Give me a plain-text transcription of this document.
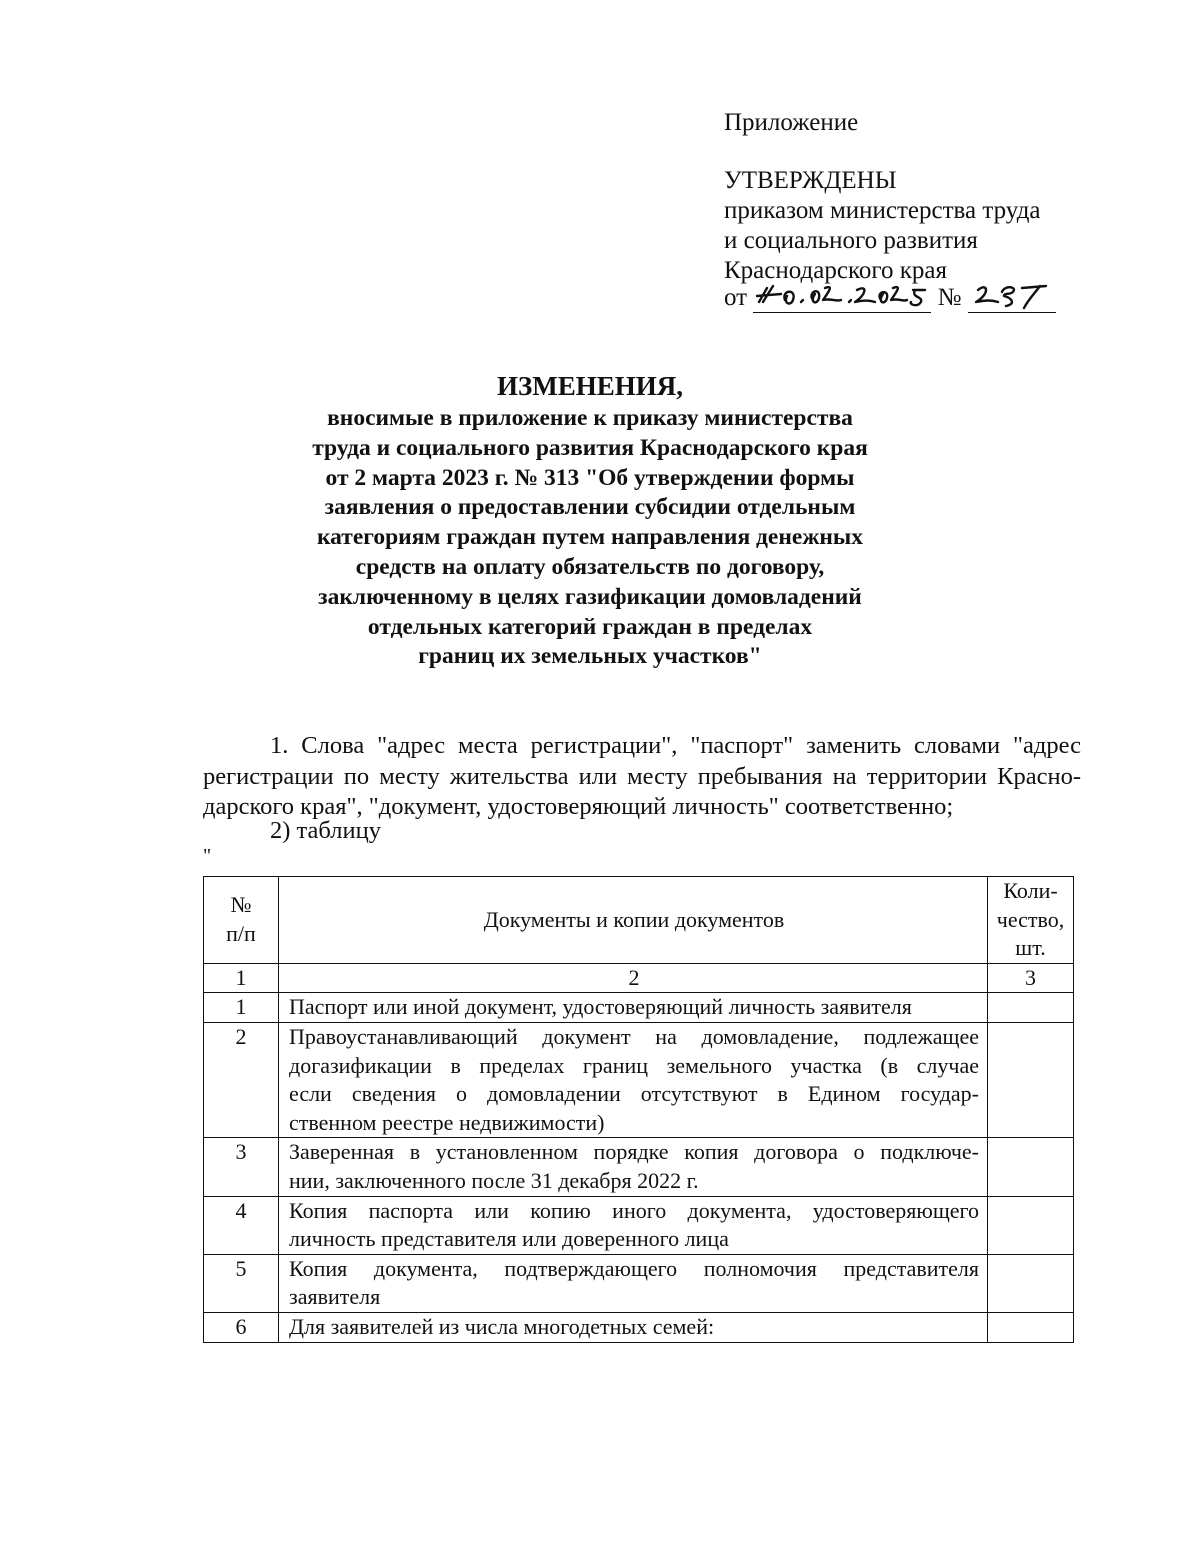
Приложение
УТВЕРЖДЕНЫ
приказом министерства труда
и социального развития
Краснодарского края
от	№
ИЗМЕНЕНИЯ,
вносимые в приложение к приказу министерства
труда и социального развития Краснодарского края
от 2 марта 2023 г. № 313 "Об утверждении формы
заявления о предоставлении субсидии отдельным
категориям граждан путем направления денежных
средств на оплату обязательств по договору,
заключенному в целях газификации домовладений
отдельных категорий граждан в пределах
границ их земельных участков"
1. Слова "адрес места регистрации", "паспорт" заменить словами "адрес
регистрации по месту жительства или месту пребывания на территории Красно-
дарского края", "документ, удостоверяющий личность" соответственно;
2) таблицу
"
№
п/п	Документы и копии документов	Коли-
чество,
шт.

1	2	3
1	Паспорт или иной документ, удостоверяющий личность заявителя	

2	Правоустанавливающий документ на домовладение, подлежащее
догазификации в пределах границ земельного участка (в случае
если сведения о домовладении отсутствуют в Едином государ-
ственном реестре недвижимости)	

3	Заверенная в установленном порядке копия договора о подключе-
нии, заключенного после 31 декабря 2022 г.	

4	Копия паспорта или копию иного документа, удостоверяющего
личность представителя или доверенного лица	

5	Копия документа, подтверждающего полномочия представителя
заявителя	

6	Для заявителей из числа многодетных семей:	
